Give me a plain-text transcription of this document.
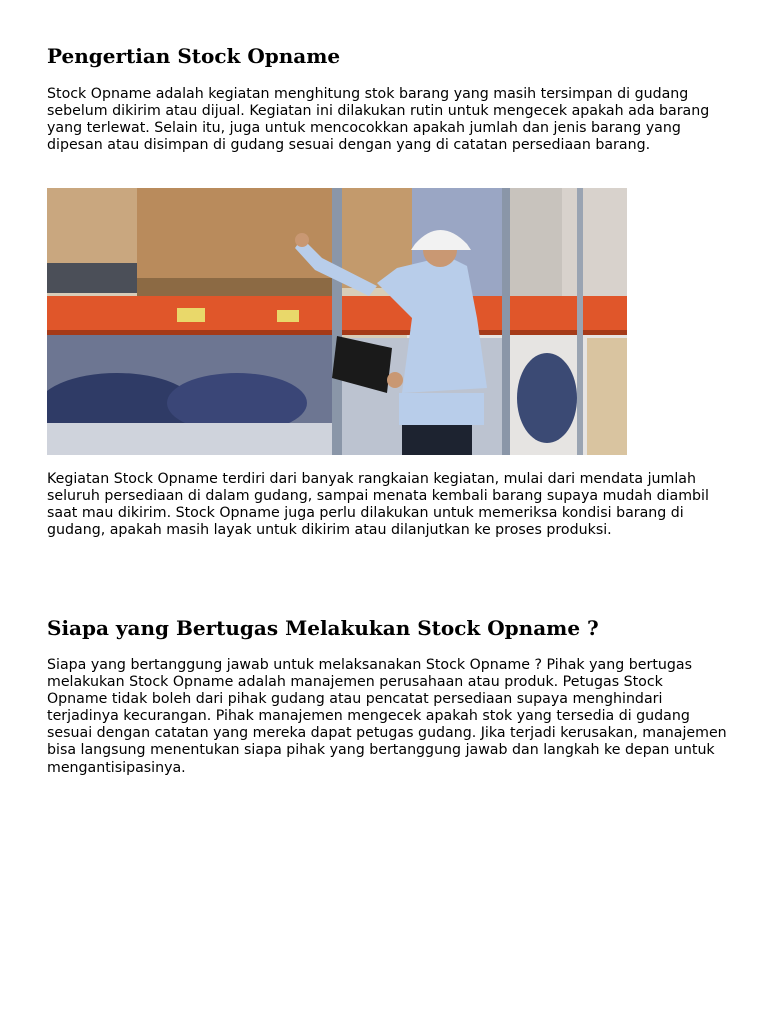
Pengertian Stock Opname

Stock Opname adalah kegiatan menghitung stok barang yang masih tersimpan di gudang sebelum dikirim atau dijual. Kegiatan ini dilakukan rutin untuk mengecek apakah ada barang yang terlewat. Selain itu, juga untuk mencocokkan apakah jumlah dan jenis barang yang dipesan atau disimpan di gudang sesuai dengan yang di catatan persediaan barang.

Kegiatan Stock Opname terdiri dari banyak rangkaian kegiatan, mulai dari mendata jumlah seluruh persediaan di dalam gudang, sampai menata kembali barang supaya mudah diambil saat mau dikirim. Stock Opname juga perlu dilakukan untuk memeriksa kondisi barang di gudang, apakah masih layak untuk dikirim atau dilanjutkan ke proses produksi.

Siapa yang Bertugas Melakukan Stock Opname ?

Siapa yang bertanggung jawab untuk melaksanakan Stock Opname ? Pihak yang bertugas melakukan Stock Opname adalah manajemen perusahaan atau produk. Petugas Stock Opname tidak boleh dari pihak gudang atau pencatat persediaan supaya menghindari terjadinya kecurangan. Pihak manajemen mengecek apakah stok yang tersedia di gudang sesuai dengan catatan yang mereka dapat petugas gudang. Jika terjadi kerusakan, manajemen bisa langsung menentukan siapa pihak yang bertanggung jawab dan langkah ke depan untuk mengantisipasinya.
